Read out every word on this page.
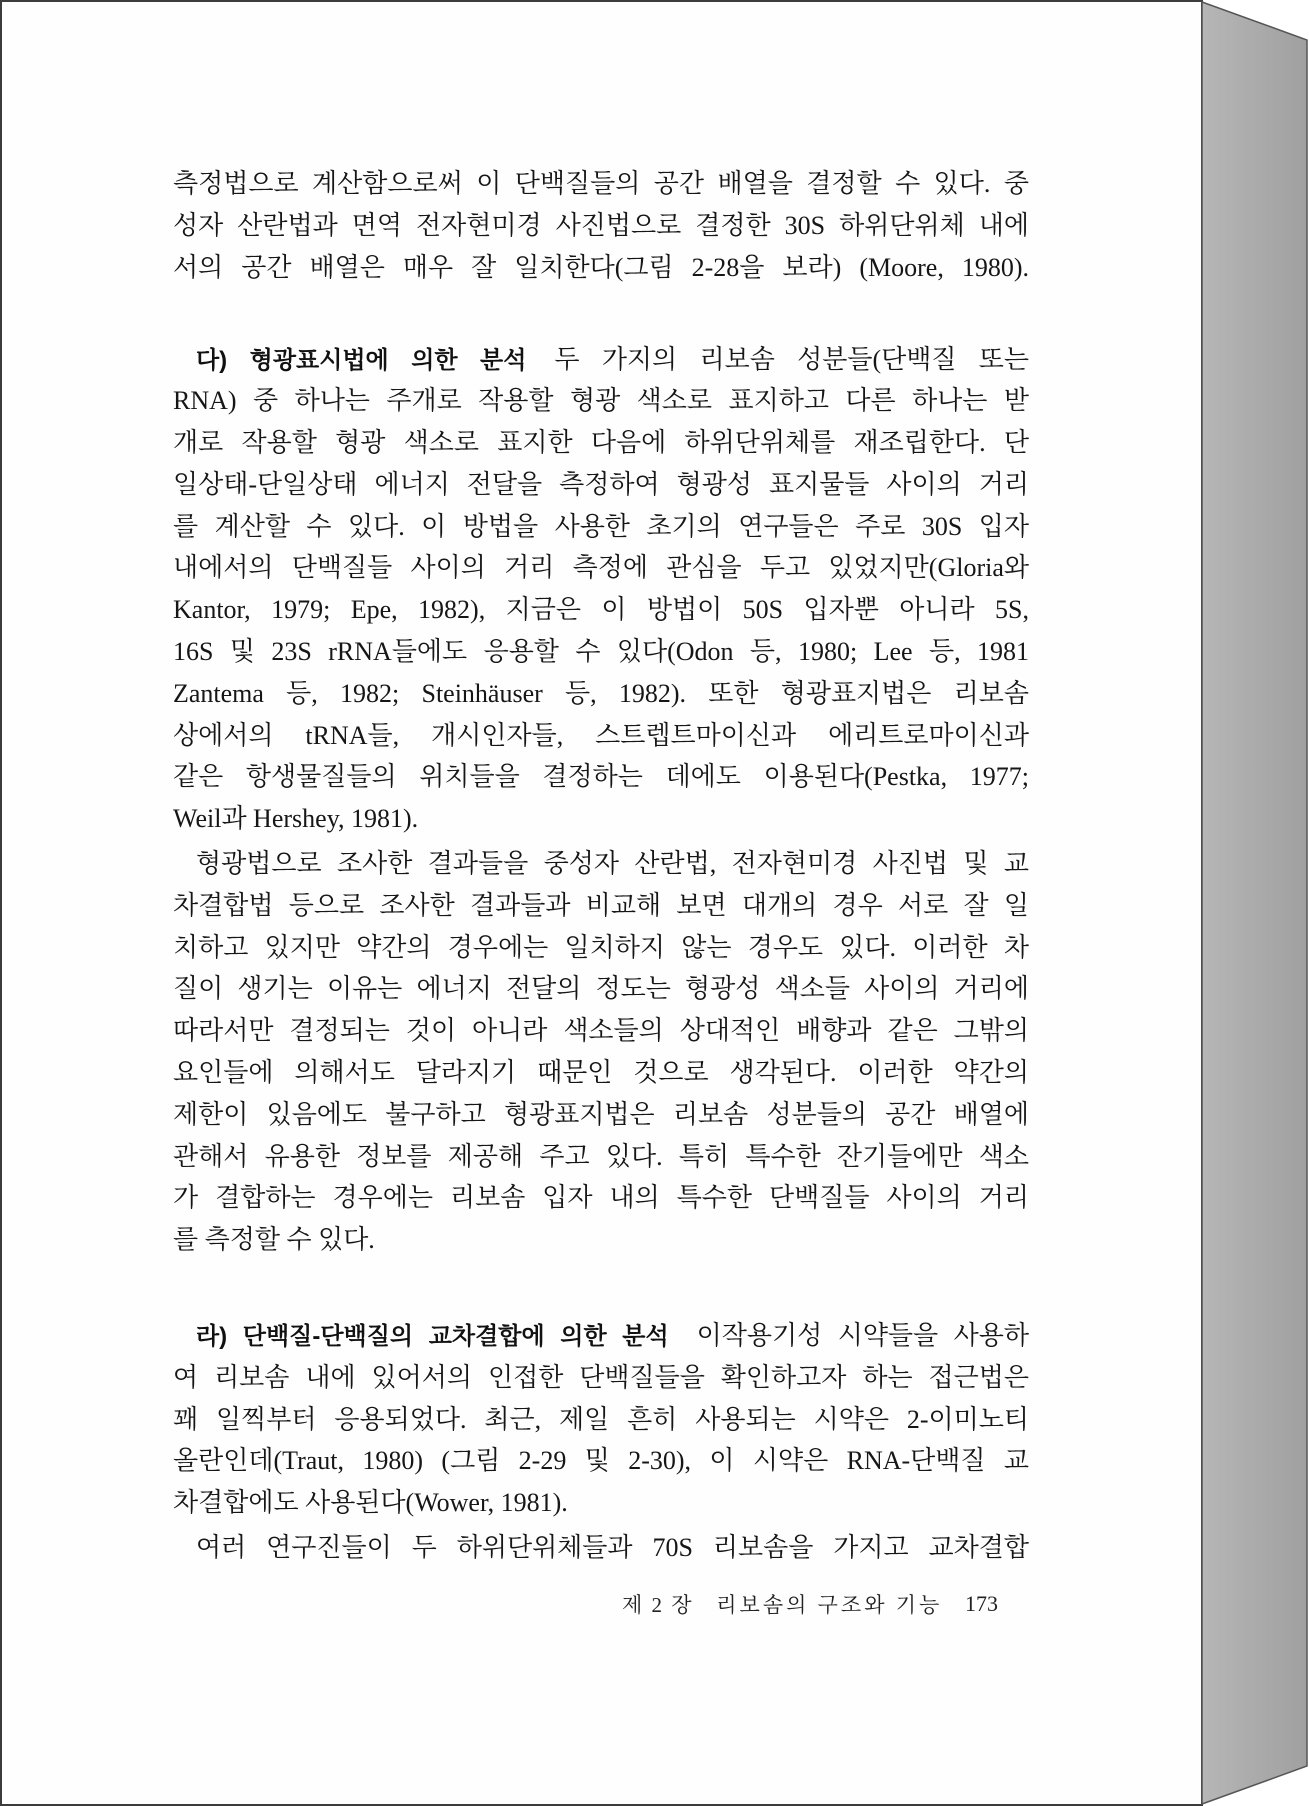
측정법으로 계산함으로써 이 단백질들의 공간 배열을 결정할 수 있다. 중
성자 산란법과 면역 전자현미경 사진법으로 결정한 30S 하위단위체 내에
서의 공간 배열은 매우 잘 일치한다(그림 2-28을 보라) (Moore, 1980).
다) 형광표시법에 의한 분석 두 가지의 리보솜 성분들(단백질 또는
RNA) 중 하나는 주개로 작용할 형광 색소로 표지하고 다른 하나는 받
개로 작용할 형광 색소로 표지한 다음에 하위단위체를 재조립한다. 단
일상태-단일상태 에너지 전달을 측정하여 형광성 표지물들 사이의 거리
를 계산할 수 있다. 이 방법을 사용한 초기의 연구들은 주로 30S 입자
내에서의 단백질들 사이의 거리 측정에 관심을 두고 있었지만(Gloria와
Kantor, 1979; Epe, 1982), 지금은 이 방법이 50S 입자뿐 아니라 5S,
16S 및 23S rRNA들에도 응용할 수 있다(Odon 등, 1980; Lee 등, 1981
Zantema 등, 1982; Steinhäuser 등, 1982). 또한 형광표지법은 리보솜
상에서의 tRNA들, 개시인자들, 스트렙트마이신과 에리트로마이신과
같은 항생물질들의 위치들을 결정하는 데에도 이용된다(Pestka, 1977;
Weil과 Hershey, 1981).
형광법으로 조사한 결과들을 중성자 산란법, 전자현미경 사진법 및 교
차결합법 등으로 조사한 결과들과 비교해 보면 대개의 경우 서로 잘 일
치하고 있지만 약간의 경우에는 일치하지 않는 경우도 있다. 이러한 차
질이 생기는 이유는 에너지 전달의 정도는 형광성 색소들 사이의 거리에
따라서만 결정되는 것이 아니라 색소들의 상대적인 배향과 같은 그밖의
요인들에 의해서도 달라지기 때문인 것으로 생각된다. 이러한 약간의
제한이 있음에도 불구하고 형광표지법은 리보솜 성분들의 공간 배열에
관해서 유용한 정보를 제공해 주고 있다. 특히 특수한 잔기들에만 색소
가 결합하는 경우에는 리보솜 입자 내의 특수한 단백질들 사이의 거리
를 측정할 수 있다.
라) 단백질-단백질의 교차결합에 의한 분석 이작용기성 시약들을 사용하
여 리보솜 내에 있어서의 인접한 단백질들을 확인하고자 하는 접근법은
꽤 일찍부터 응용되었다. 최근, 제일 흔히 사용되는 시약은 2-이미노티
올란인데(Traut, 1980) (그림 2-29 및 2-30), 이 시약은 RNA-단백질 교
차결합에도 사용된다(Wower, 1981).
여러 연구진들이 두 하위단위체들과 70S 리보솜을 가지고 교차결합
제 2 장 리보솜의 구조와 기능 173
